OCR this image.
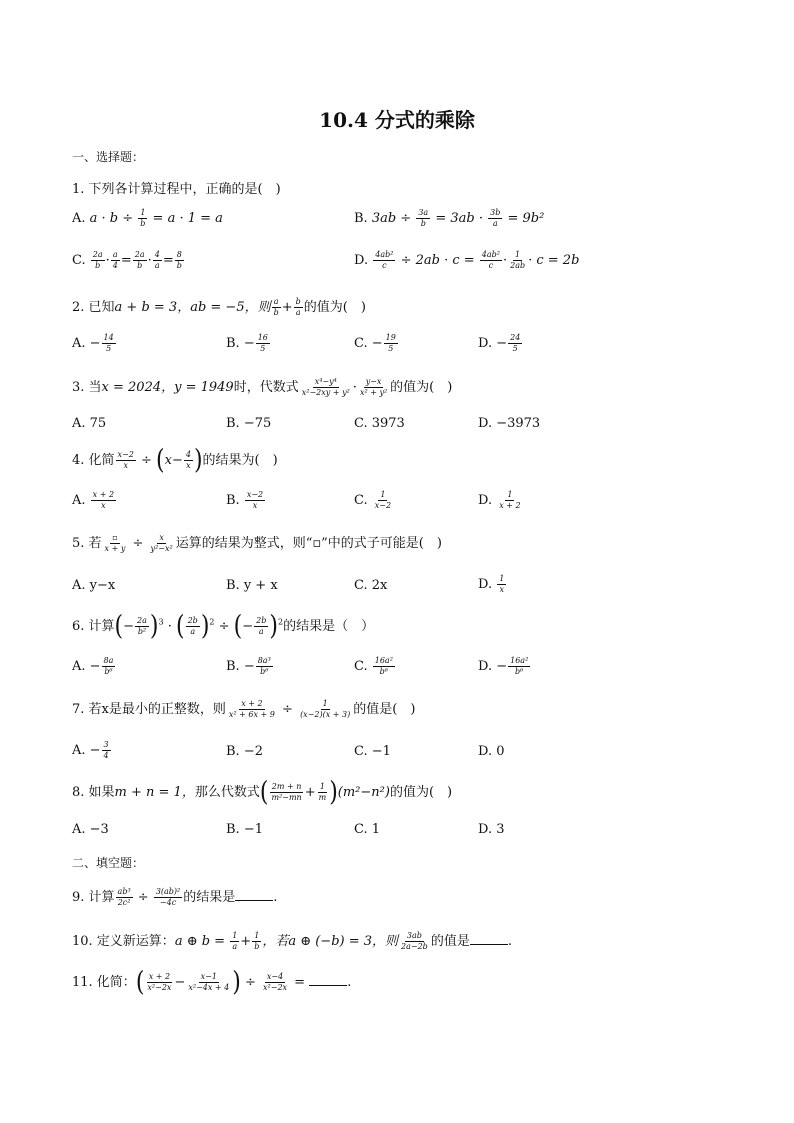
10.4 分式的乘除
一、选择题：
1. 下列各计算过程中，正确的是(　)
A. $a \cdot b \div \frac{1}{b} = a \cdot 1 = a$	B. $3ab \div \frac{3a}{b} = 3ab \cdot \frac{3b}{a} = 9b^2$
C. $\frac{2a}{b} \cdot \frac{a}{4} = \frac{2a}{b} \cdot \frac{4}{a} = \frac{8}{b}$	D. $\frac{\text{4ab²}}{c} \div 2ab \cdot c = \frac{\text{4ab²}}{c} \cdot \frac{1}{2ab} \cdot c = 2b$
2. 已知a + b = 3，ab = −5，则 $\frac{a}{b} + \frac{b}{a}$ 的值为(　)
A. − $\frac{14}{5}$	B. − $\frac{16}{5}$	C. − $\frac{19}{5}$	D. − $\frac{24}{5}$
3. 当x = 2024，y = 1949时，代数式 $\frac{\text{x⁴−y⁴}}{\text{x²−2xy + y²}} \cdot \frac{y-x}{\text{x² + y²}}$ 的值为(　)
A. 75	B. −75	C. 3973	D. −3973
4. 化简 $\frac{x-2}{x} \div (x- \frac{4}{x}$ )的结果为(　)
A. $\frac{x + 2}{x}$	B. $\frac{x-2}{x}$	C. $\frac{1}{x-2}$	D. $\frac{1}{x + 2}$
5. 若 $\frac{▫}{x + y} \div \frac{x}{\text{y²−x²}}$ 运算的结果为整式，则“▫”中的式子可能是(　)
A. y−x	B. y + x	C. 2x	D. $\frac{1}{x}$
6. 计算(− $\frac{2a}{\text{b²}} )^3$ · ( $\frac{2b}{a} )^2$ ÷ (− $\frac{2b}{a} )^2$的结果是（　）
A. − $\frac{8a}{\text{b⁶}}$	B. − $\frac{\text{8a³}}{\text{b⁶}}$	C. $\frac{\text{16a²}}{\text{b⁶}}$	D. − $\frac{\text{16a²}}{\text{b⁶}}$
7. 若x是最小的正整数，则 $\frac{x + 2}{\text{x² + 6x + 9}} \div \frac{1}{(x-2)(x + 3)}$ 的值是(　)
A. − $\frac{3}{4}$	B. −2	C. −1	D. 0
8. 如果m + n = 1，那么代数式( $\frac{2m + n}{\text{m²−mn}} + \frac{1}{m} )(m^2-n^2)$的值为(　)
A. −3	B. −1	C. 1	D. 3
二、填空题：
9. 计算 $\frac{\text{ab³}}{\text{2c²}} \div \frac{\text{3(ab)²}}{-4c}$ 的结果是	.
10. 定义新运算：a ⊕ $b = \frac{1}{a} + \frac{1}{b}$ ，若a ⊕ (−b) = 3，则 $\frac{3ab}{2a-2b}$ 的值是	.
11. 化简：( $\frac{x + 2}{\text{x²−2x}} - \frac{x-1}{\text{x²−4x + 4}}$ ) ÷ $\frac{x-4}{\text{x²−2x}}$ =	.
